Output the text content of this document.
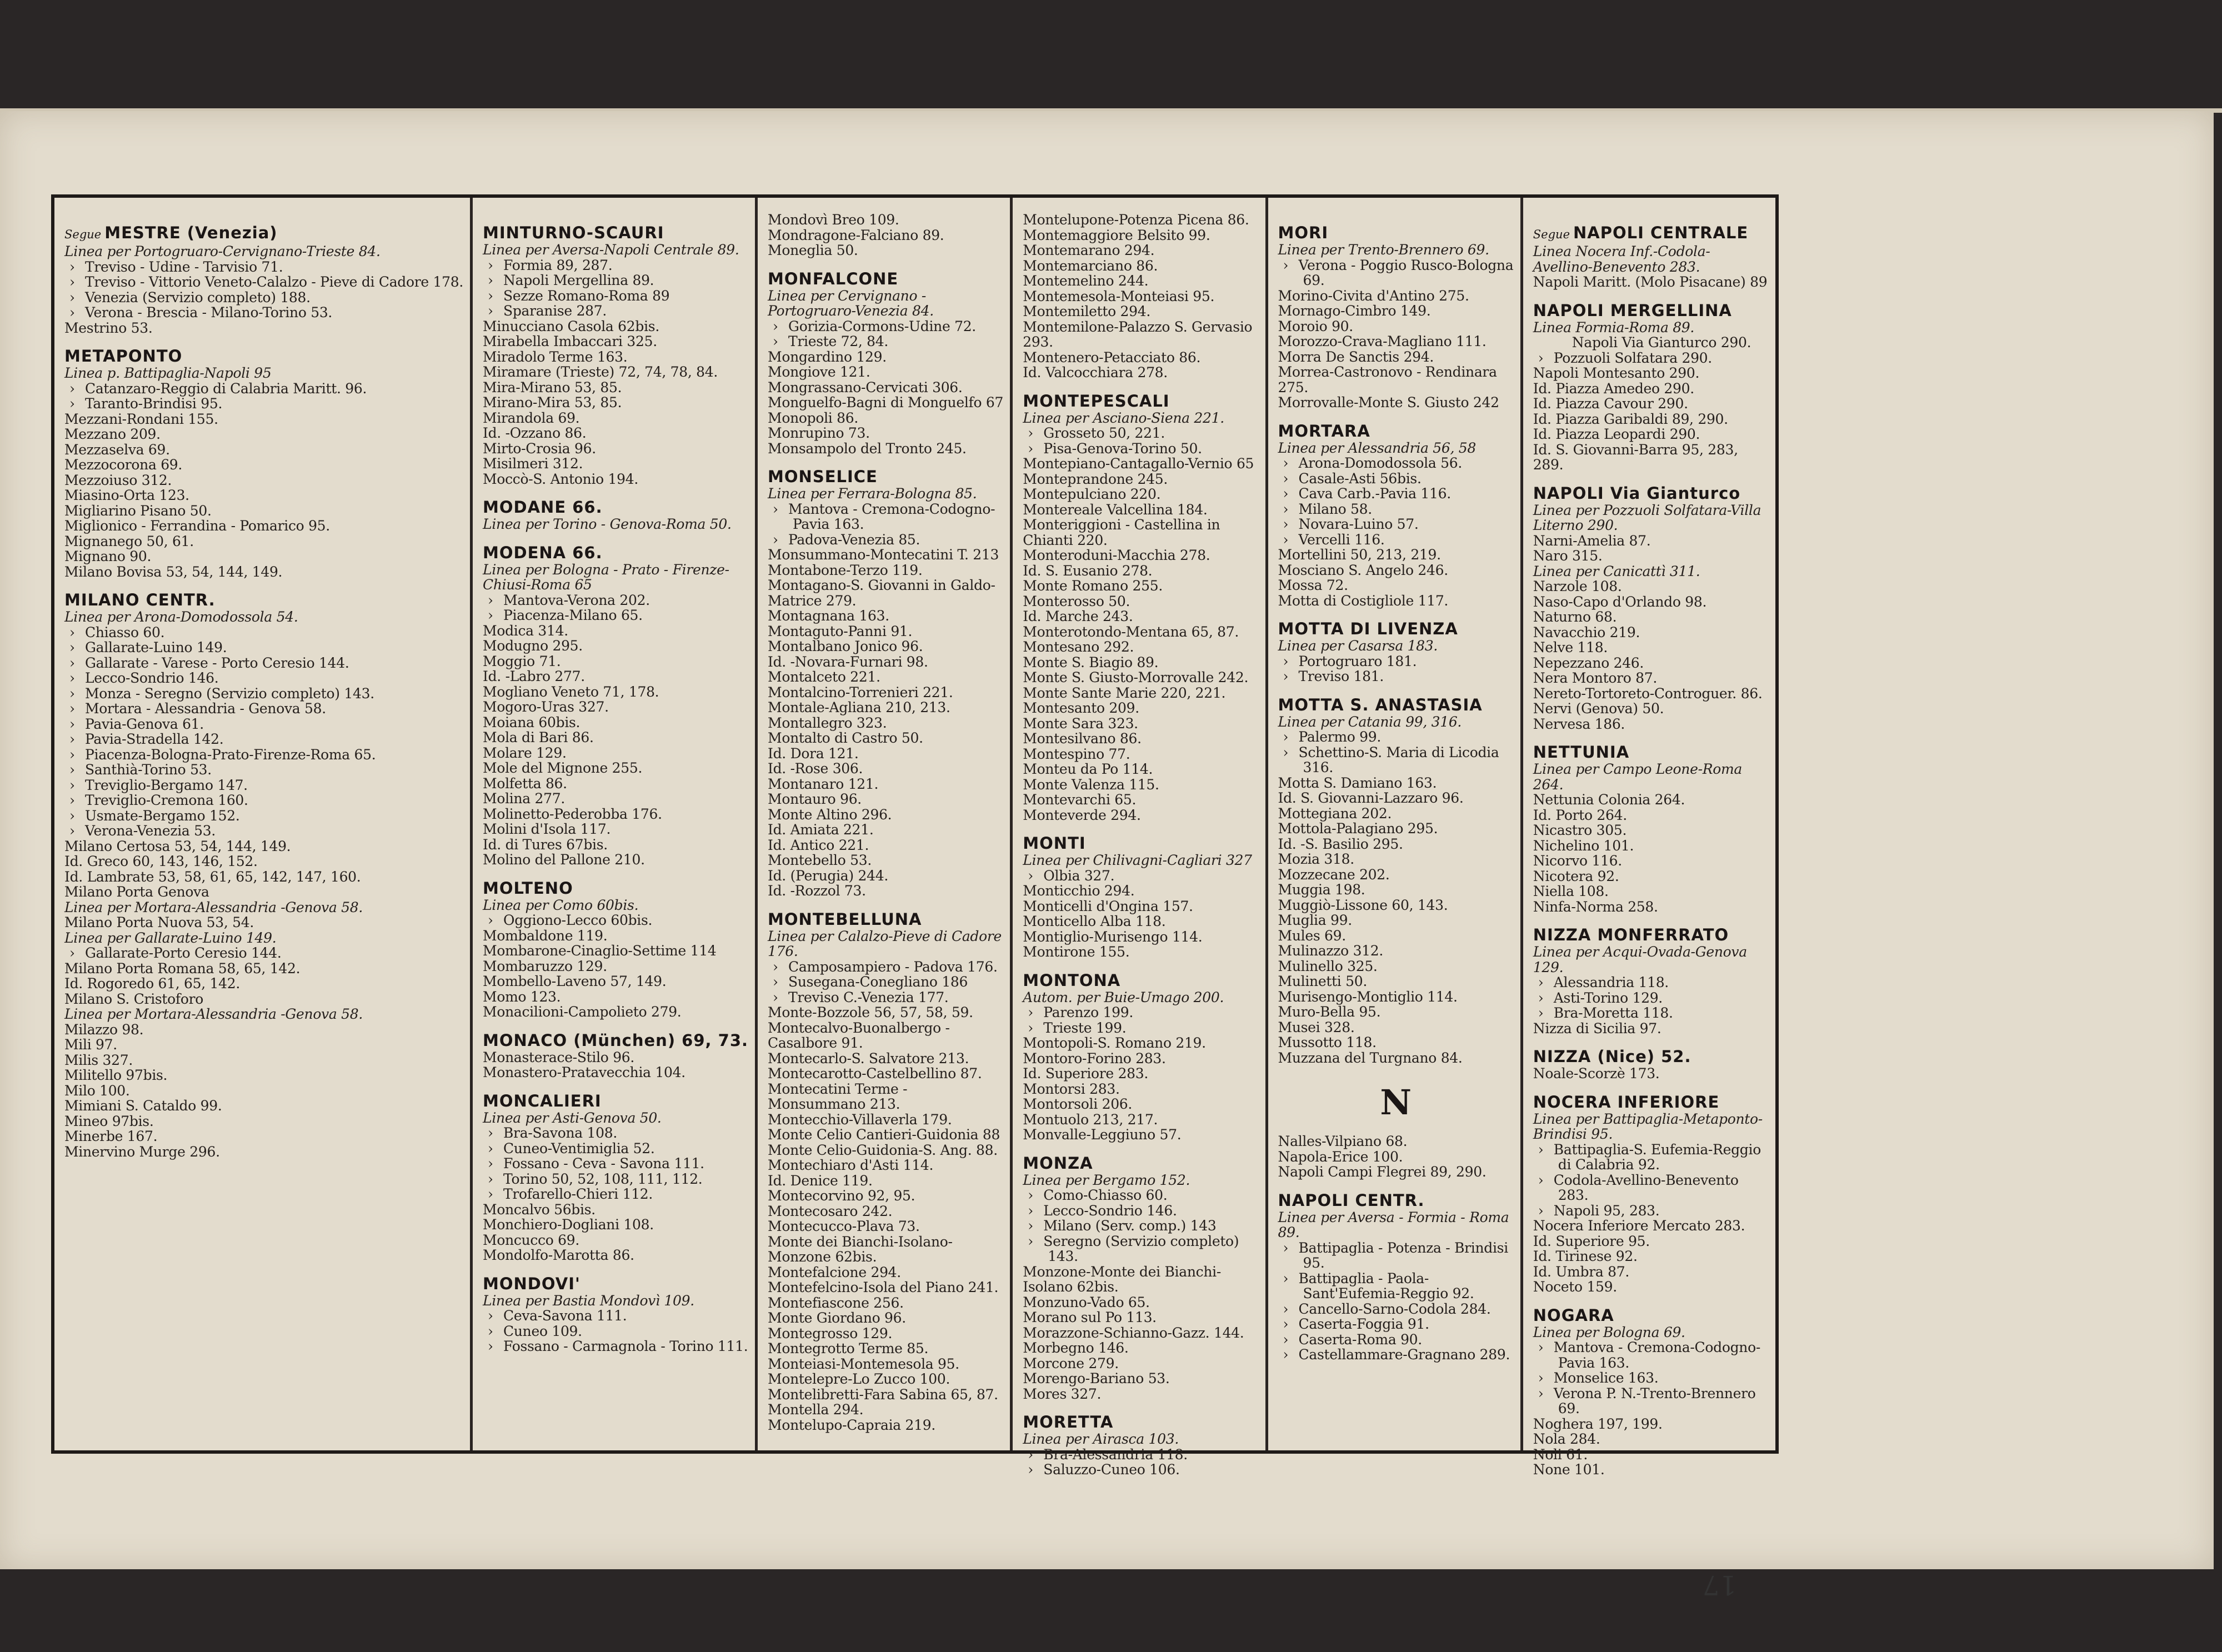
Segue MESTRE (Venezia)
Linea per Portogruaro-Cervignano-Trieste 84.
› Treviso - Udine - Tarvisio 71.
› Treviso - Vittorio Veneto-Calalzo - Pieve di Cadore 178.
› Venezia (Servizio completo) 188.
› Verona - Brescia - Milano-Torino 53.
Mestrino 53.
METAPONTO
Linea p. Battipaglia-Napoli 95
› Catanzaro-Reggio di Calabria Maritt. 96.
› Taranto-Brindisi 95.
Mezzani-Rondani 155.
Mezzano 209.
Mezzaselva 69.
Mezzocorona 69.
Mezzoiuso 312.
Miasino-Orta 123.
Migliarino Pisano 50.
Miglionico - Ferrandina - Pomarico 95.
Mignanego 50, 61.
Mignano 90.
Milano Bovisa 53, 54, 144, 149.
MILANO CENTR.
Linea per Arona-Domodossola 54.
› Chiasso 60.
› Gallarate-Luino 149.
› Gallarate - Varese - Porto Ceresio 144.
› Lecco-Sondrio 146.
› Monza - Seregno (Servizio completo) 143.
› Mortara - Alessandria - Genova 58.
› Pavia-Genova 61.
› Pavia-Stradella 142.
› Piacenza-Bologna-Prato-Firenze-Roma 65.
› Santhià-Torino 53.
› Treviglio-Bergamo 147.
› Treviglio-Cremona 160.
› Usmate-Bergamo 152.
› Verona-Venezia 53.
Milano Certosa 53, 54, 144, 149.
Id. Greco 60, 143, 146, 152.
Id. Lambrate 53, 58, 61, 65, 142, 147, 160.
Milano Porta Genova
Linea per Mortara-Alessandria -Genova 58.
Milano Porta Nuova 53, 54.
Linea per Gallarate-Luino 149.
› Gallarate-Porto Ceresio 144.
Milano Porta Romana 58, 65, 142.
Id. Rogoredo 61, 65, 142.
Milano S. Cristoforo
Linea per Mortara-Alessandria -Genova 58.
Milazzo 98.
Mili 97.
Milis 327.
Militello 97bis.
Milo 100.
Mimiani S. Cataldo 99.
Mineo 97bis.
Minerbe 167.
Minervino Murge 296.
MINTURNO-SCAURI
Linea per Aversa-Napoli Centrale 89.
› Formia 89, 287.
› Napoli Mergellina 89.
› Sezze Romano-Roma 89
› Sparanise 287.
Minucciano Casola 62bis.
Mirabella Imbaccari 325.
Miradolo Terme 163.
Miramare (Trieste) 72, 74, 78, 84.
Mira-Mirano 53, 85.
Mirano-Mira 53, 85.
Mirandola 69.
Id. -Ozzano 86.
Mirto-Crosia 96.
Misilmeri 312.
Moccò-S. Antonio 194.
MODANE 66.
Linea per Torino - Genova-Roma 50.
MODENA 66.
Linea per Bologna - Prato - Firenze-Chiusi-Roma 65
› Mantova-Verona 202.
› Piacenza-Milano 65.
Modica 314.
Modugno 295.
Moggio 71.
Id. -Labro 277.
Mogliano Veneto 71, 178.
Mogoro-Uras 327.
Moiana 60bis.
Mola di Bari 86.
Molare 129.
Mole del Mignone 255.
Molfetta 86.
Molina 277.
Molinetto-Pederobba 176.
Molini d'Isola 117.
Id. di Tures 67bis.
Molino del Pallone 210.
MOLTENO
Linea per Como 60bis.
› Oggiono-Lecco 60bis.
Mombaldone 119.
Mombarone-Cinaglio-Settime 114
Mombaruzzo 129.
Mombello-Laveno 57, 149.
Momo 123.
Monacilioni-Campolieto 279.
MONACO (München) 69, 73.
Monasterace-Stilo 96.
Monastero-Pratavecchia 104.
MONCALIERI
Linea per Asti-Genova 50.
› Bra-Savona 108.
› Cuneo-Ventimiglia 52.
› Fossano - Ceva - Savona 111.
› Torino 50, 52, 108, 111, 112.
› Trofarello-Chieri 112.
Moncalvo 56bis.
Monchiero-Dogliani 108.
Moncucco 69.
Mondolfo-Marotta 86.
MONDOVI'
Linea per Bastia Mondovì 109.
› Ceva-Savona 111.
› Cuneo 109.
› Fossano - Carmagnola - Torino 111.
Mondovì Breo 109.
Mondragone-Falciano 89.
Moneglia 50.
MONFALCONE
Linea per Cervignano - Portogruaro-Venezia 84.
› Gorizia-Cormons-Udine 72.
› Trieste 72, 84.
Mongardino 129.
Mongiove 121.
Mongrassano-Cervicati 306.
Monguelfo-Bagni di Monguelfo 67
Monopoli 86.
Monrupino 73.
Monsampolo del Tronto 245.
MONSELICE
Linea per Ferrara-Bologna 85.
› Mantova - Cremona-Codogno-Pavia 163.
› Padova-Venezia 85.
Monsummano-Montecatini T. 213
Montabone-Terzo 119.
Montagano-S. Giovanni in Galdo-Matrice 279.
Montagnana 163.
Montaguto-Panni 91.
Montalbano Jonico 96.
Id. -Novara-Furnari 98.
Montalceto 221.
Montalcino-Torrenieri 221.
Montale-Agliana 210, 213.
Montallegro 323.
Montalto di Castro 50.
Id. Dora 121.
Id. -Rose 306.
Montanaro 121.
Montauro 96.
Monte Altino 296.
Id. Amiata 221.
Id. Antico 221.
Montebello 53.
Id. (Perugia) 244.
Id. -Rozzol 73.
MONTEBELLUNA
Linea per Calalzo-Pieve di Cadore 176.
› Camposampiero - Padova 176.
› Susegana-Conegliano 186
› Treviso C.-Venezia 177.
Monte-Bozzole 56, 57, 58, 59.
Montecalvo-Buonalbergo - Casalbore 91.
Montecarlo-S. Salvatore 213.
Montecarotto-Castelbellino 87.
Montecatini Terme - Monsummano 213.
Montecchio-Villaverla 179.
Monte Celio Cantieri-Guidonia 88
Monte Celio-Guidonia-S. Ang. 88.
Montechiaro d'Asti 114.
Id. Denice 119.
Montecorvino 92, 95.
Montecosaro 242.
Montecucco-Plava 73.
Monte dei Bianchi-Isolano-Monzone 62bis.
Montefalcione 294.
Montefelcino-Isola del Piano 241.
Montefiascone 256.
Monte Giordano 96.
Montegrosso 129.
Montegrotto Terme 85.
Monteiasi-Montemesola 95.
Montelepre-Lo Zucco 100.
Montelibretti-Fara Sabina 65, 87.
Montella 294.
Montelupo-Capraia 219.
Montelupone-Potenza Picena 86.
Montemaggiore Belsito 99.
Montemarano 294.
Montemarciano 86.
Montemelino 244.
Montemesola-Monteiasi 95.
Montemiletto 294.
Montemilone-Palazzo S. Gervasio 293.
Montenero-Petacciato 86.
Id. Valcocchiara 278.
MONTEPESCALI
Linea per Asciano-Siena 221.
› Grosseto 50, 221.
› Pisa-Genova-Torino 50.
Montepiano-Cantagallo-Vernio 65
Monteprandone 245.
Montepulciano 220.
Montereale Valcellina 184.
Monteriggioni - Castellina in Chianti 220.
Monteroduni-Macchia 278.
Id. S. Eusanio 278.
Monte Romano 255.
Monterosso 50.
Id. Marche 243.
Monterotondo-Mentana 65, 87.
Montesano 292.
Monte S. Biagio 89.
Monte S. Giusto-Morrovalle 242.
Monte Sante Marie 220, 221.
Montesanto 209.
Monte Sara 323.
Montesilvano 86.
Montespino 77.
Monteu da Po 114.
Monte Valenza 115.
Montevarchi 65.
Monteverde 294.
MONTI
Linea per Chilivagni-Cagliari 327
› Olbia 327.
Monticchio 294.
Monticelli d'Ongina 157.
Monticello Alba 118.
Montiglio-Murisengo 114.
Montirone 155.
MONTONA
Autom. per Buie-Umago 200.
› Parenzo 199.
› Trieste 199.
Montopoli-S. Romano 219.
Montoro-Forino 283.
Id. Superiore 283.
Montorsi 283.
Montorsoli 206.
Montuolo 213, 217.
Monvalle-Leggiuno 57.
MONZA
Linea per Bergamo 152.
› Como-Chiasso 60.
› Lecco-Sondrio 146.
› Milano (Serv. comp.) 143
› Seregno (Servizio completo) 143.
Monzone-Monte dei Bianchi-Isolano 62bis.
Monzuno-Vado 65.
Morano sul Po 113.
Morazzone-Schianno-Gazz. 144.
Morbegno 146.
Morcone 279.
Morengo-Bariano 53.
Mores 327.
MORETTA
Linea per Airasca 103.
› Bra-Alessandria 118.
› Saluzzo-Cuneo 106.
MORI
Linea per Trento-Brennero 69.
› Verona - Poggio Rusco-Bologna 69.
Morino-Civita d'Antino 275.
Mornago-Cimbro 149.
Moroio 90.
Morozzo-Crava-Magliano 111.
Morra De Sanctis 294.
Morrea-Castronovo - Rendinara 275.
Morrovalle-Monte S. Giusto 242
MORTARA
Linea per Alessandria 56, 58
› Arona-Domodossola 56.
› Casale-Asti 56bis.
› Cava Carb.-Pavia 116.
› Milano 58.
› Novara-Luino 57.
› Vercelli 116.
Mortellini 50, 213, 219.
Mosciano S. Angelo 246.
Mossa 72.
Motta di Costigliole 117.
MOTTA DI LIVENZA
Linea per Casarsa 183.
› Portogruaro 181.
› Treviso 181.
MOTTA S. ANASTASIA
Linea per Catania 99, 316.
› Palermo 99.
› Schettino-S. Maria di Licodia 316.
Motta S. Damiano 163.
Id. S. Giovanni-Lazzaro 96.
Mottegiana 202.
Mottola-Palagiano 295.
Id. -S. Basilio 295.
Mozia 318.
Mozzecane 202.
Muggia 198.
Muggiò-Lissone 60, 143.
Muglia 99.
Mules 69.
Mulinazzo 312.
Mulinello 325.
Mulinetti 50.
Murisengo-Montiglio 114.
Muro-Bella 95.
Musei 328.
Mussotto 118.
Muzzana del Turgnano 84.
N
Nalles-Vilpiano 68.
Napola-Erice 100.
Napoli Campi Flegrei 89, 290.
NAPOLI CENTR.
Linea per Aversa - Formia - Roma 89.
› Battipaglia - Potenza - Brindisi 95.
› Battipaglia - Paola-Sant'Eufemia-Reggio 92.
› Cancello-Sarno-Codola 284.
› Caserta-Foggia 91.
› Caserta-Roma 90.
› Castellammare-Gragnano 289.
Segue NAPOLI CENTRALE
Linea Nocera Inf.-Codola-Avellino-Benevento 283.
Napoli Maritt. (Molo Pisacane) 89
NAPOLI MERGELLINA
Linea Formia-Roma 89.
Napoli Via Gianturco 290.
› Pozzuoli Solfatara 290.
Napoli Montesanto 290.
Id. Piazza Amedeo 290.
Id. Piazza Cavour 290.
Id. Piazza Garibaldi 89, 290.
Id. Piazza Leopardi 290.
Id. S. Giovanni-Barra 95, 283, 289.
NAPOLI Via Gianturco
Linea per Pozzuoli Solfatara-Villa Literno 290.
Narni-Amelia 87.
Naro 315.
Linea per Canicattì 311.
Narzole 108.
Naso-Capo d'Orlando 98.
Naturno 68.
Navacchio 219.
Nelve 118.
Nepezzano 246.
Nera Montoro 87.
Nereto-Tortoreto-Controguer. 86.
Nervi (Genova) 50.
Nervesa 186.
NETTUNIA
Linea per Campo Leone-Roma 264.
Nettunia Colonia 264.
Id. Porto 264.
Nicastro 305.
Nichelino 101.
Nicorvo 116.
Nicotera 92.
Niella 108.
Ninfa-Norma 258.
NIZZA MONFERRATO
Linea per Acqui-Ovada-Genova 129.
› Alessandria 118.
› Asti-Torino 129.
› Bra-Moretta 118.
Nizza di Sicilia 97.
NIZZA (Nice) 52.
Noale-Scorzè 173.
NOCERA INFERIORE
Linea per Battipaglia-Metaponto-Brindisi 95.
› Battipaglia-S. Eufemia-Reggio di Calabria 92.
› Codola-Avellino-Benevento 283.
› Napoli 95, 283.
Nocera Inferiore Mercato 283.
Id. Superiore 95.
Id. Tirinese 92.
Id. Umbra 87.
Noceto 159.
NOGARA
Linea per Bologna 69.
› Mantova - Cremona-Codogno-Pavia 163.
› Monselice 163.
› Verona P. N.-Trento-Brennero 69.
Noghera 197, 199.
Nola 284.
Noli 61.
None 101.
17
